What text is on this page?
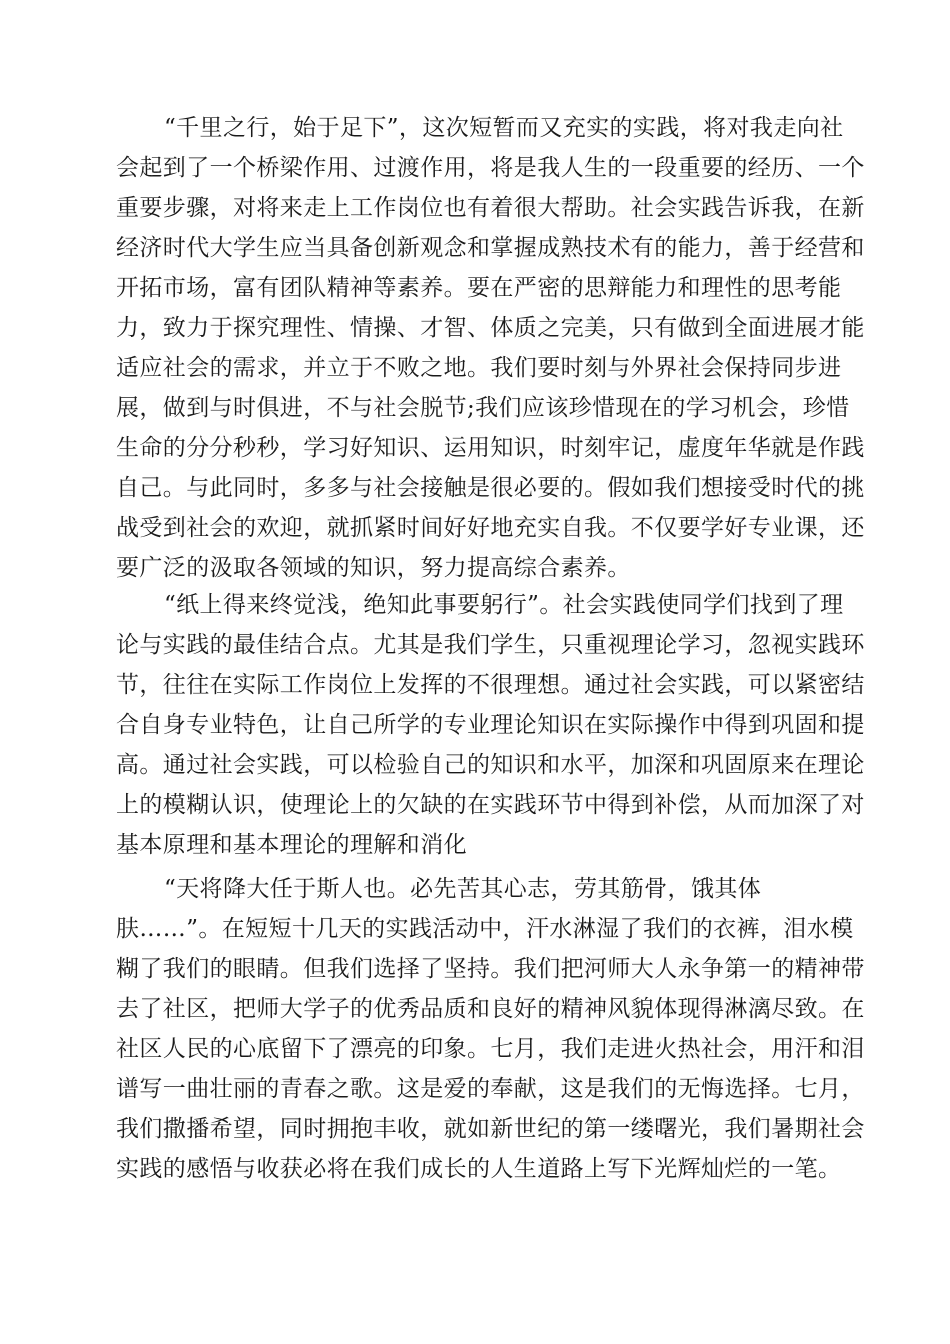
“千里之行，始于足下”，这次短暂而又充实的实践，将对我走向社
会起到了一个桥梁作用、过渡作用，将是我人生的一段重要的经历、一个
重要步骤，对将来走上工作岗位也有着很大帮助。社会实践告诉我，在新
经济时代大学生应当具备创新观念和掌握成熟技术有的能力，善于经营和
开拓市场，富有团队精神等素养。要在严密的思辩能力和理性的思考能
力，致力于探究理性、情操、才智、体质之完美，只有做到全面进展才能
适应社会的需求，并立于不败之地。我们要时刻与外界社会保持同步进
展，做到与时俱进，不与社会脱节;我们应该珍惜现在的学习机会，珍惜
生命的分分秒秒，学习好知识、运用知识，时刻牢记，虚度年华就是作践
自己。与此同时，多多与社会接触是很必要的。假如我们想接受时代的挑
战受到社会的欢迎，就抓紧时间好好地充实自我。不仅要学好专业课，还
要广泛的汲取各领域的知识，努力提高综合素养。
“纸上得来终觉浅，绝知此事要躬行”。社会实践使同学们找到了理
论与实践的最佳结合点。尤其是我们学生，只重视理论学习，忽视实践环
节，往往在实际工作岗位上发挥的不很理想。通过社会实践，可以紧密结
合自身专业特色，让自己所学的专业理论知识在实际操作中得到巩固和提
高。通过社会实践，可以检验自己的知识和水平，加深和巩固原来在理论
上的模糊认识，使理论上的欠缺的在实践环节中得到补偿，从而加深了对
基本原理和基本理论的理解和消化
“天将降大任于斯人也。必先苦其心志，劳其筋骨，饿其体
肤……”。在短短十几天的实践活动中，汗水淋湿了我们的衣裤，泪水模
糊了我们的眼睛。但我们选择了坚持。我们把河师大人永争第一的精神带
去了社区，把师大学子的优秀品质和良好的精神风貌体现得淋漓尽致。在
社区人民的心底留下了漂亮的印象。七月，我们走进火热社会，用汗和泪
谱写一曲壮丽的青春之歌。这是爱的奉献，这是我们的无悔选择。七月，
我们撒播希望，同时拥抱丰收，就如新世纪的第一缕曙光，我们暑期社会
实践的感悟与收获必将在我们成长的人生道路上写下光辉灿烂的一笔。
